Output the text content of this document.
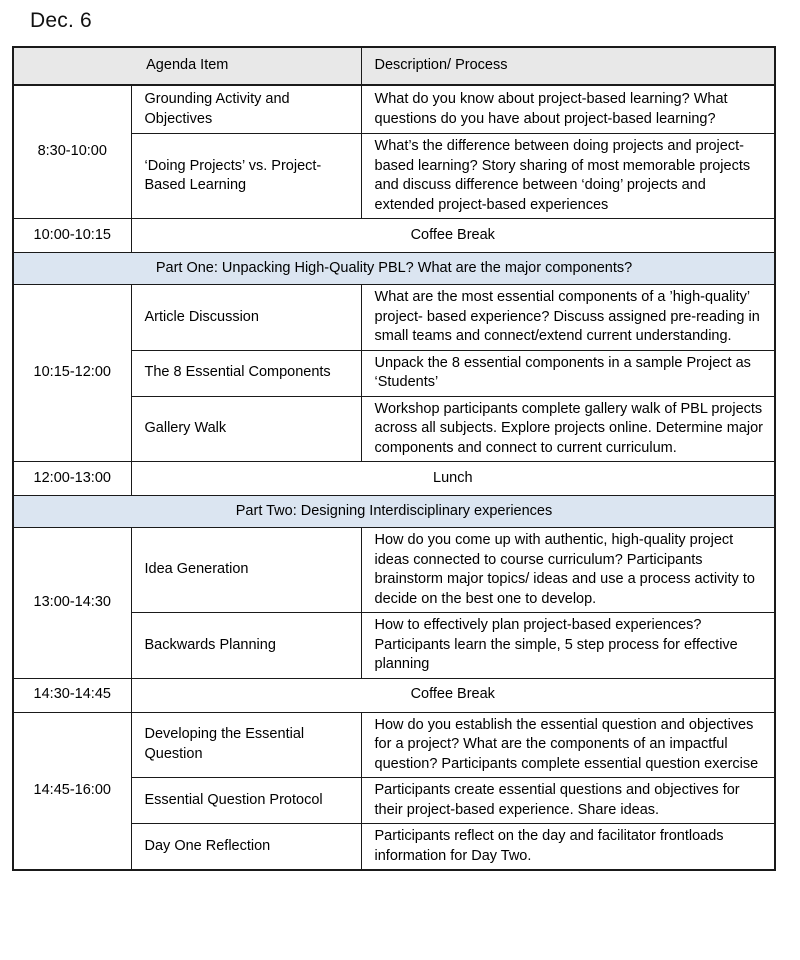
Dec. 6
Agenda Item		Description/ Process
8:30-10:00	Grounding Activity and Objectives	What do you know about project-based learning? What questions do you have about project-based learning?
	‘Doing Projects’ vs. Project-Based Learning	What’s the difference between doing projects and project-based learning? Story sharing of most memorable projects and discuss difference between ‘doing’ projects and extended project-based experiences
10:00-10:15	Coffee Break	
Part One: Unpacking High-Quality PBL? What are the major components?		
10:15-12:00	Article Discussion	What are the most essential components of a ’high-quality’ project- based experience? Discuss assigned pre-reading in small teams and connect/extend current understanding.
	The 8 Essential Components	Unpack the 8 essential components in a sample Project as ‘Students’
	Gallery Walk	Workshop participants complete gallery walk of PBL projects across all subjects. Explore projects online. Determine major components and connect to current curriculum.
12:00-13:00	Lunch	
Part Two: Designing Interdisciplinary experiences		
13:00-14:30	Idea Generation	How do you come up with authentic, high-quality project ideas connected to course curriculum? Participants brainstorm major topics/ ideas and use a process activity to decide on the best one to develop.
	Backwards Planning	How to effectively plan project-based experiences? Participants learn the simple, 5 step process for effective planning
14:30-14:45	Coffee Break	
14:45-16:00	Developing the Essential Question	How do you establish the essential question and objectives for a project? What are the components of an impactful question? Participants complete essential question exercise
	Essential Question Protocol	Participants create essential questions and objectives for their project-based experience. Share ideas.
	Day One Reflection	Participants reflect on the day and facilitator frontloads information for Day Two.
